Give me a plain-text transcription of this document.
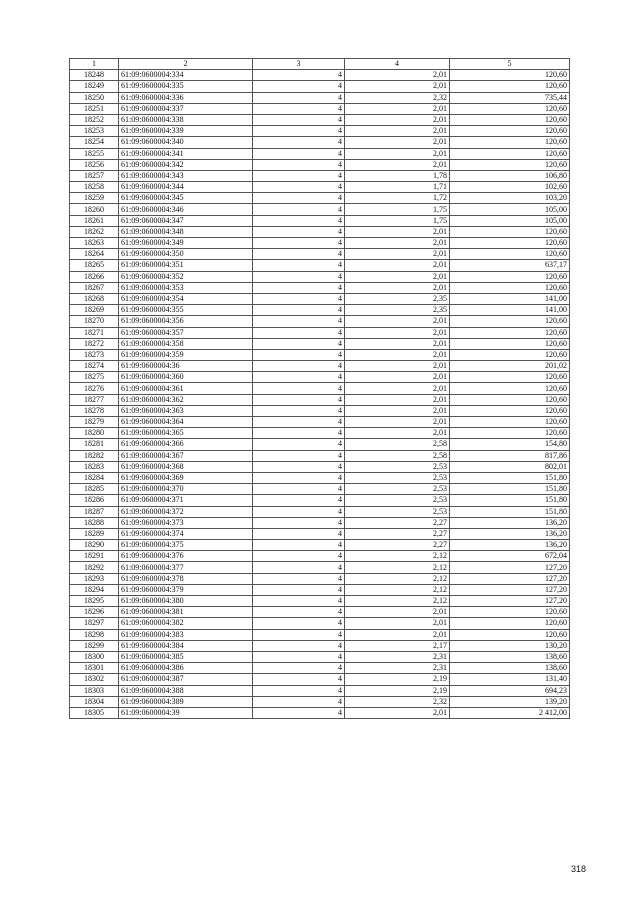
1	2	3	4	5
18248	61:09:0600004:334	4	2,01	120,60
18249	61:09:0600004:335	4	2,01	120,60
18250	61:09:0600004:336	4	2,32	735,44
18251	61:09:0600004:337	4	2,01	120,60
18252	61:09:0600004:338	4	2,01	120,60
18253	61:09:0600004:339	4	2,01	120,60
18254	61:09:0600004:340	4	2,01	120,60
18255	61:09:0600004:341	4	2,01	120,60
18256	61:09:0600004:342	4	2,01	120,60
18257	61:09:0600004:343	4	1,78	106,80
18258	61:09:0600004:344	4	1,71	102,60
18259	61:09:0600004:345	4	1,72	103,20
18260	61:09:0600004:346	4	1,75	105,00
18261	61:09:0600004:347	4	1,75	105,00
18262	61:09:0600004:348	4	2,01	120,60
18263	61:09:0600004:349	4	2,01	120,60
18264	61:09:0600004:350	4	2,01	120,60
18265	61:09:0600004:351	4	2,01	637,17
18266	61:09:0600004:352	4	2,01	120,60
18267	61:09:0600004:353	4	2,01	120,60
18268	61:09:0600004:354	4	2,35	141,00
18269	61:09:0600004:355	4	2,35	141,00
18270	61:09:0600004:356	4	2,01	120,60
18271	61:09:0600004:357	4	2,01	120,60
18272	61:09:0600004:358	4	2,01	120,60
18273	61:09:0600004:359	4	2,01	120,60
18274	61:09:0600004:36	4	2,01	201,02
18275	61:09:0600004:360	4	2,01	120,60
18276	61:09:0600004:361	4	2,01	120,60
18277	61:09:0600004:362	4	2,01	120,60
18278	61:09:0600004:363	4	2,01	120,60
18279	61:09:0600004:364	4	2,01	120,60
18280	61:09:0600004:365	4	2,01	120,60
18281	61:09:0600004:366	4	2,58	154,80
18282	61:09:0600004:367	4	2,58	817,86
18283	61:09:0600004:368	4	2,53	802,01
18284	61:09:0600004:369	4	2,53	151,80
18285	61:09:0600004:370	4	2,53	151,80
18286	61:09:0600004:371	4	2,53	151,80
18287	61:09:0600004:372	4	2,53	151,80
18288	61:09:0600004:373	4	2,27	136,20
18289	61:09:0600004:374	4	2,27	136,20
18290	61:09:0600004:375	4	2,27	136,20
18291	61:09:0600004:376	4	2,12	672,04
18292	61:09:0600004:377	4	2,12	127,20
18293	61:09:0600004:378	4	2,12	127,20
18294	61:09:0600004:379	4	2,12	127,20
18295	61:09:0600004:380	4	2,12	127,20
18296	61:09:0600004:381	4	2,01	120,60
18297	61:09:0600004:382	4	2,01	120,60
18298	61:09:0600004:383	4	2,01	120,60
18299	61:09:0600004:384	4	2,17	130,20
18300	61:09:0600004:385	4	2,31	138,60
18301	61:09:0600004:386	4	2,31	138,60
18302	61:09:0600004:387	4	2,19	131,40
18303	61:09:0600004:388	4	2,19	694,23
18304	61:09:0600004:389	4	2,32	139,20
18305	61:09:0600004:39	4	2,01	2 412,00
318
